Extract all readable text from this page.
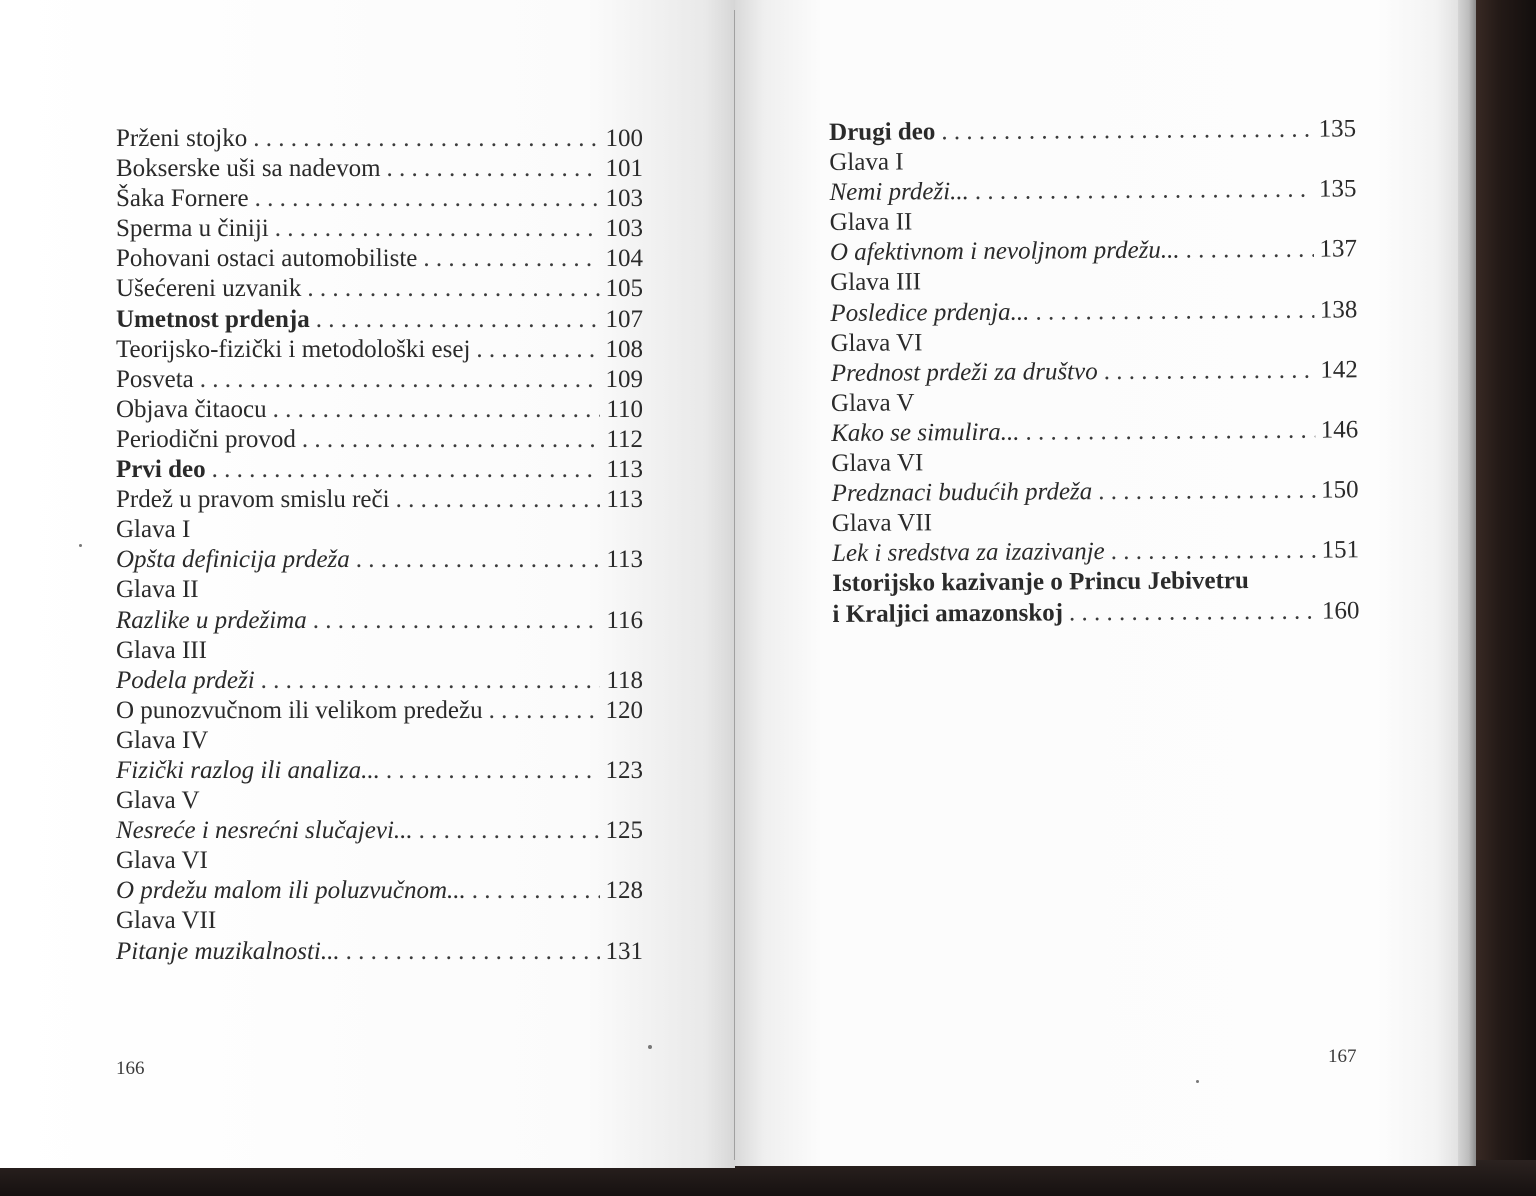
Prženi stojko . . .	100
Bokserske uši sa nadevom . . .	101
Šaka Fornere . . .	103
Sperma u činiji . . .	103
Pohovani ostaci automobiliste . . .	104
Ušećereni uzvanik . . .	105
Umetnost prdenja . . .	107
Teorijsko-fizički i metodološki esej . . .	108
Posveta . . .	109
Objava čitaocu . . .	110
Periodični provod . . .	112
Prvi deo . . .	113
Prdež u pravom smislu reči . . .	113
Glava I
Opšta definicija prdeža . . .	113
Glava II
Razlike u prdežima . . .	116
Glava III
Podela prdeži . . .	118
O punozvučnom ili velikom predežu . . .	120
Glava IV
Fizički razlog ili analiza... . . .	123
Glava V
Nesreće i nesrećni slučajevi... . . .	125
Glava VI
O prdežu malom ili poluzvučnom... . . .	128
Glava VII
Pitanje muzikalnosti... . . .	131
166
Drugi deo . . .	135
Glava I
Nemi prdeži... . . .	135
Glava II
O afektivnom i nevoljnom prdežu... . . .	137
Glava III
Posledice prdenja... . . .	138
Glava VI
Prednost prdeži za društvo . . .	142
Glava V
Kako se simulira... . . .	146
Glava VI
Predznaci budućih prdeža . . .	150
Glava VII
Lek i sredstva za izazivanje . . .	151
Istorijsko kazivanje o Princu Jebivetru
i Kraljici amazonskoj . . .	160
167
